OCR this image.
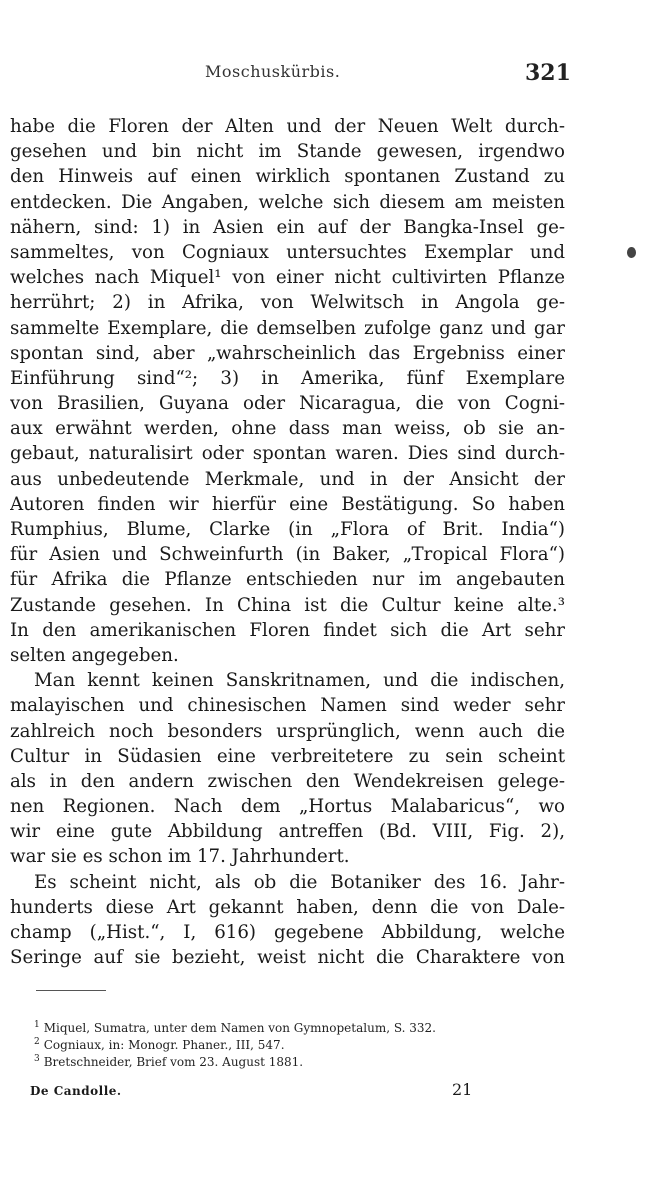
Moschuskürbis.	321
habe die Floren der Alten und der Neuen Welt durch-
gesehen und bin nicht im Stande gewesen, irgendwo
den Hinweis auf einen wirklich spontanen Zustand zu
entdecken. Die Angaben, welche sich diesem am meisten
nähern, sind: 1) in Asien ein auf der Bangka-Insel ge-
sammeltes, von Cogniaux untersuchtes Exemplar und
welches nach Miquel¹ von einer nicht cultivirten Pflanze
herrührt; 2) in Afrika, von Welwitsch in Angola ge-
sammelte Exemplare, die demselben zufolge ganz und gar
spontan sind, aber „wahrscheinlich das Ergebniss einer
Einführung sind“²; 3) in Amerika, fünf Exemplare
von Brasilien, Guyana oder Nicaragua, die von Cogni-
aux erwähnt werden, ohne dass man weiss, ob sie an-
gebaut, naturalisirt oder spontan waren. Dies sind durch-
aus unbedeutende Merkmale, und in der Ansicht der
Autoren finden wir hierfür eine Bestätigung. So haben
Rumphius, Blume, Clarke (in „Flora of Brit. India“)
für Asien und Schweinfurth (in Baker, „Tropical Flora“)
für Afrika die Pflanze entschieden nur im angebauten
Zustande gesehen. In China ist die Cultur keine alte.³
In den amerikanischen Floren findet sich die Art sehr
selten angegeben.
Man kennt keinen Sanskritnamen, und die indischen,
malayischen und chinesischen Namen sind weder sehr
zahlreich noch besonders ursprünglich, wenn auch die
Cultur in Südasien eine verbreitetere zu sein scheint
als in den andern zwischen den Wendekreisen gelege-
nen Regionen. Nach dem „Hortus Malabaricus“, wo
wir eine gute Abbildung antreffen (Bd. VIII, Fig. 2),
war sie es schon im 17. Jahrhundert.
Es scheint nicht, als ob die Botaniker des 16. Jahr-
hunderts diese Art gekannt haben, denn die von Dale-
champ („Hist.“, I, 616) gegebene Abbildung, welche
Seringe auf sie bezieht, weist nicht die Charaktere von
$^1$ Miquel, Sumatra, unter dem Namen von Gymnopetalum, S. 332.
$^2$ Cogniaux, in: Monogr. Phaner., III, 547.
$^3$ Bretschneider, Brief vom 23. August 1881.
De Candolle.	21
